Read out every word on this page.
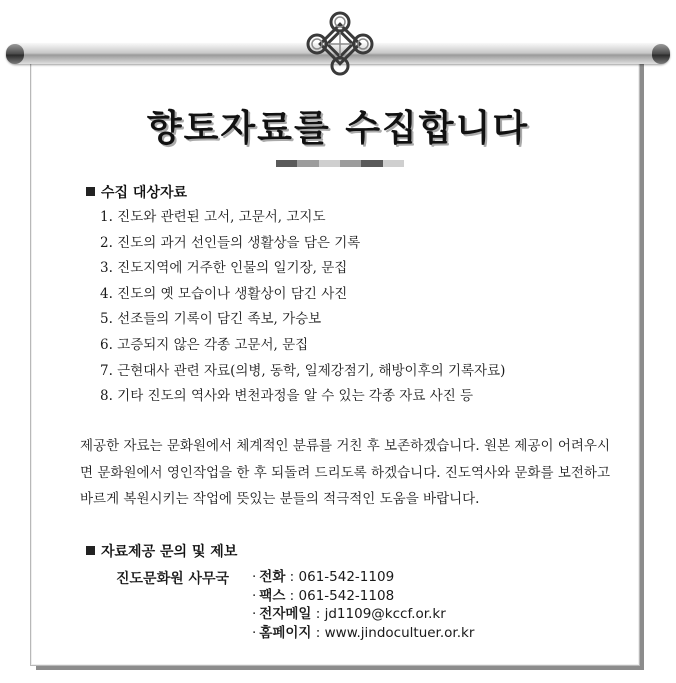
향토자료를 수집합니다
수집 대상자료
1. 진도와 관련된 고서, 고문서, 고지도
2. 진도의 과거 선인들의 생활상을 담은 기록
3. 진도지역에 거주한 인물의 일기장, 문집
4. 진도의 옛 모습이나 생활상이 담긴 사진
5. 선조들의 기록이 담긴 족보, 가승보
6. 고증되지 않은 각종 고문서, 문집
7. 근현대사 관련 자료(의병, 동학, 일제강점기, 해방이후의 기록자료)
8. 기타 진도의 역사와 변천과정을 알 수 있는 각종 자료 사진 등

제공한 자료는 문화원에서 체계적인 분류를 거친 후 보존하겠습니다. 원본 제공이 어려우시면 문화원에서 영인작업을 한 후 되돌려 드리도록 하겠습니다. 진도역사와 문화를 보전하고 바르게 복원시키는 작업에 뜻있는 분들의 적극적인 도움을 바랍니다.

자료제공 문의 및 제보
진도문화원 사무국 · 전화 : 061-542-1109
· 팩스 : 061-542-1108
· 전자메일 : jd1109@kccf.or.kr
· 홈페이지 : www.jindocultuer.or.kr
